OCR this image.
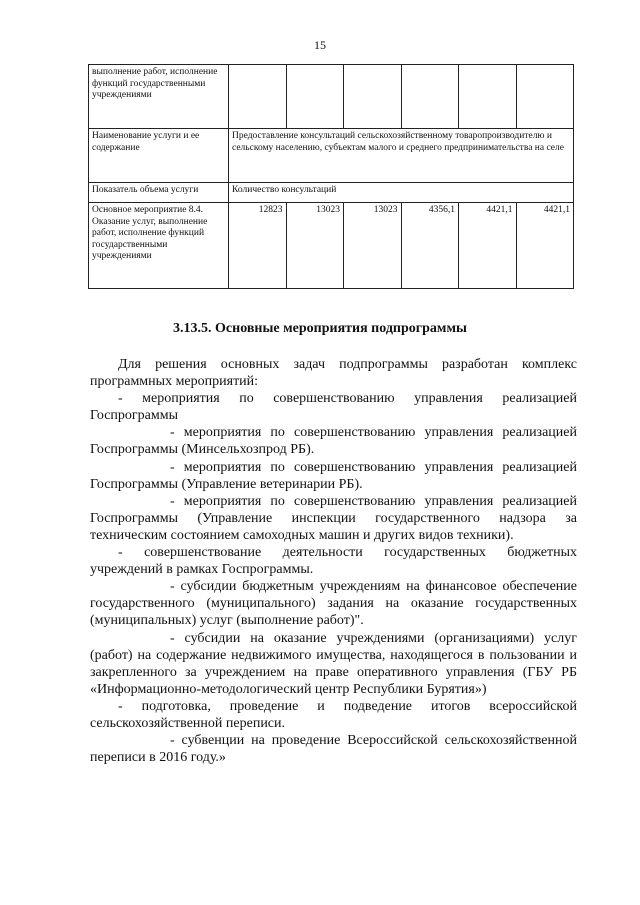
15
выполнение работ, исполнение функций государственными учреждениями						
Наименование услуги и ее содержание	Предоставление консультаций сельскохозяйственному товаропроизводителю и сельскому населению, субъектам малого и среднего предпринимательства на селе					
Показатель объема услуги	Количество консультаций					
Основное мероприятие 8.4. Оказание услуг, выполнение работ, исполнение функций государственными учреждениями	12823	13023	13023	4356,1	4421,1	4421,1
3.13.5. Основные мероприятия подпрограммы

Для решения основных задач подпрограммы разработан комплекс программных мероприятий:

- мероприятия по совершенствованию управления реализацией Госпрограммы

- мероприятия по совершенствованию управления реализацией Госпрограммы (Минсельхозпрод РБ).

- мероприятия по совершенствованию управления реализацией Госпрограммы (Управление ветеринарии РБ).

- мероприятия по совершенствованию управления реализацией Госпрограммы (Управление инспекции государственного надзора за техническим состоянием самоходных машин и других видов техники).

- совершенствование деятельности государственных бюджетных учреждений в рамках Госпрограммы.

- субсидии бюджетным учреждениям на финансовое обеспечение государственного (муниципального) задания на оказание государственных (муниципальных) услуг (выполнение работ)".

- субсидии на оказание учреждениями (организациями) услуг (работ) на содержание недвижимого имущества, находящегося в пользовании и закрепленного за учреждением на праве оперативного управления (ГБУ РБ «Информационно-методологический центр Республики Бурятия»)

- подготовка, проведение и подведение итогов всероссийской сельскохозяйственной переписи.

- субвенции на проведение Всероссийской сельскохозяйственной переписи в 2016 году.»
